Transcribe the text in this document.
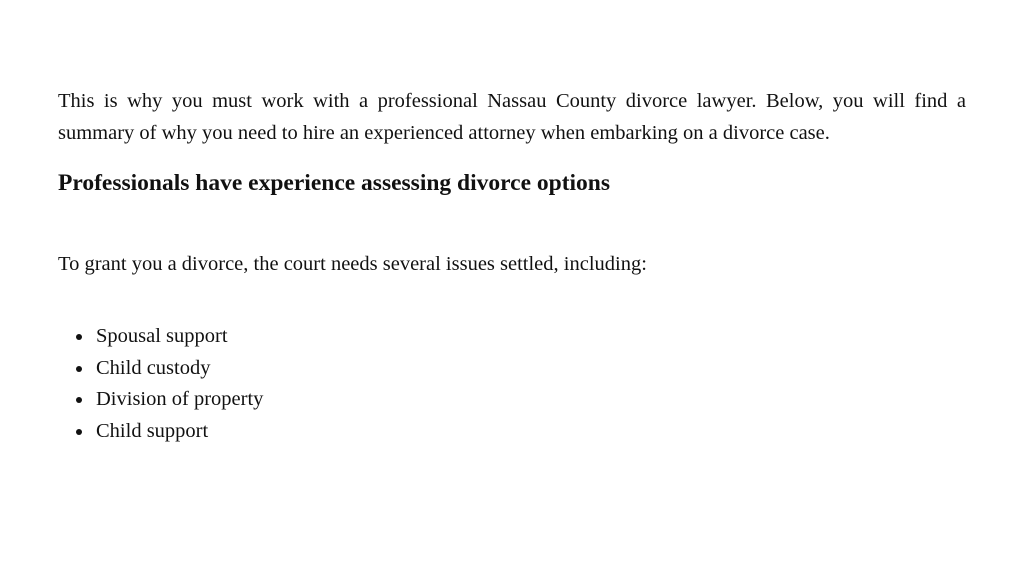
This is why you must work with a professional Nassau County divorce lawyer. Below, you will find a summary of why you need to hire an experienced attorney when embarking on a divorce case.

Professionals have experience assessing divorce options

To grant you a divorce, the court needs several issues settled, including:

Spousal support
Child custody
Division of property
Child support
